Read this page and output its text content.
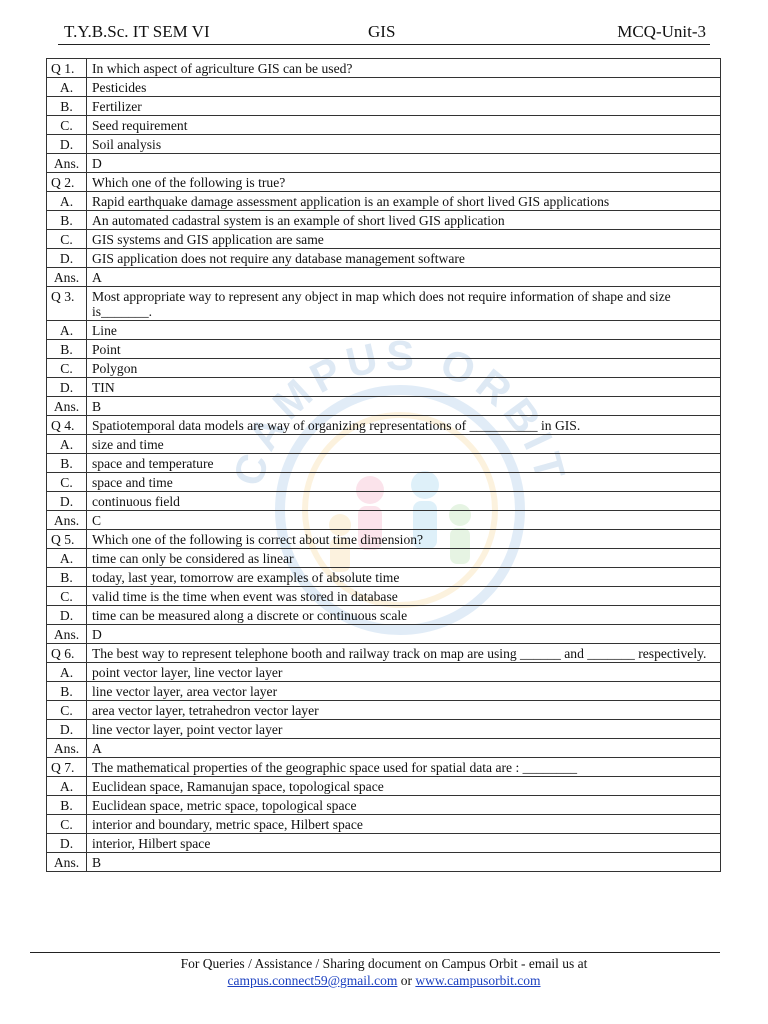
T.Y.B.Sc. IT SEM VI	GIS	MCQ-Unit-3
CAMPUS ORBIT
Q 1.	In which aspect of agriculture GIS can be used?
A.	Pesticides
B.	Fertilizer
C.	Seed requirement
D.	Soil analysis
Ans.	D
Q 2.	Which one of the following is true?
A.	Rapid earthquake damage assessment application is an example of short lived GIS applications
B.	An automated cadastral system is an example of short lived GIS application
C.	GIS systems and GIS application are same
D.	GIS application does not require any database management software
Ans.	A
Q 3.	Most appropriate way to represent any object in map which does not require information of shape and size is_______.
A.	Line
B.	Point
C.	Polygon
D.	TIN
Ans.	B
Q 4.	Spatiotemporal data models are way of organizing representations of __________ in GIS.
A.	size and time
B.	space and temperature
C.	space and time
D.	continuous field
Ans.	C
Q 5.	Which one of the following is correct about time dimension?
A.	time can only be considered as linear
B.	today, last year, tomorrow are examples of absolute time
C.	valid time is the time when event was stored in database
D.	time can be measured along a discrete or continuous scale
Ans.	D
Q 6.	The best way to represent telephone booth and railway track on map are using ______ and _______ respectively.
A.	point vector layer, line vector layer
B.	line vector layer, area vector layer
C.	area vector layer, tetrahedron vector layer
D.	line vector layer, point vector layer
Ans.	A
Q 7.	The mathematical properties of the geographic space used for spatial data are : ________
A.	Euclidean space, Ramanujan space, topological space
B.	Euclidean space, metric space, topological space
C.	interior and boundary, metric space, Hilbert space
D.	interior, Hilbert space
Ans.	B
For Queries / Assistance / Sharing document on Campus Orbit - email us at
campus.connect59@gmail.com or www.campusorbit.com
